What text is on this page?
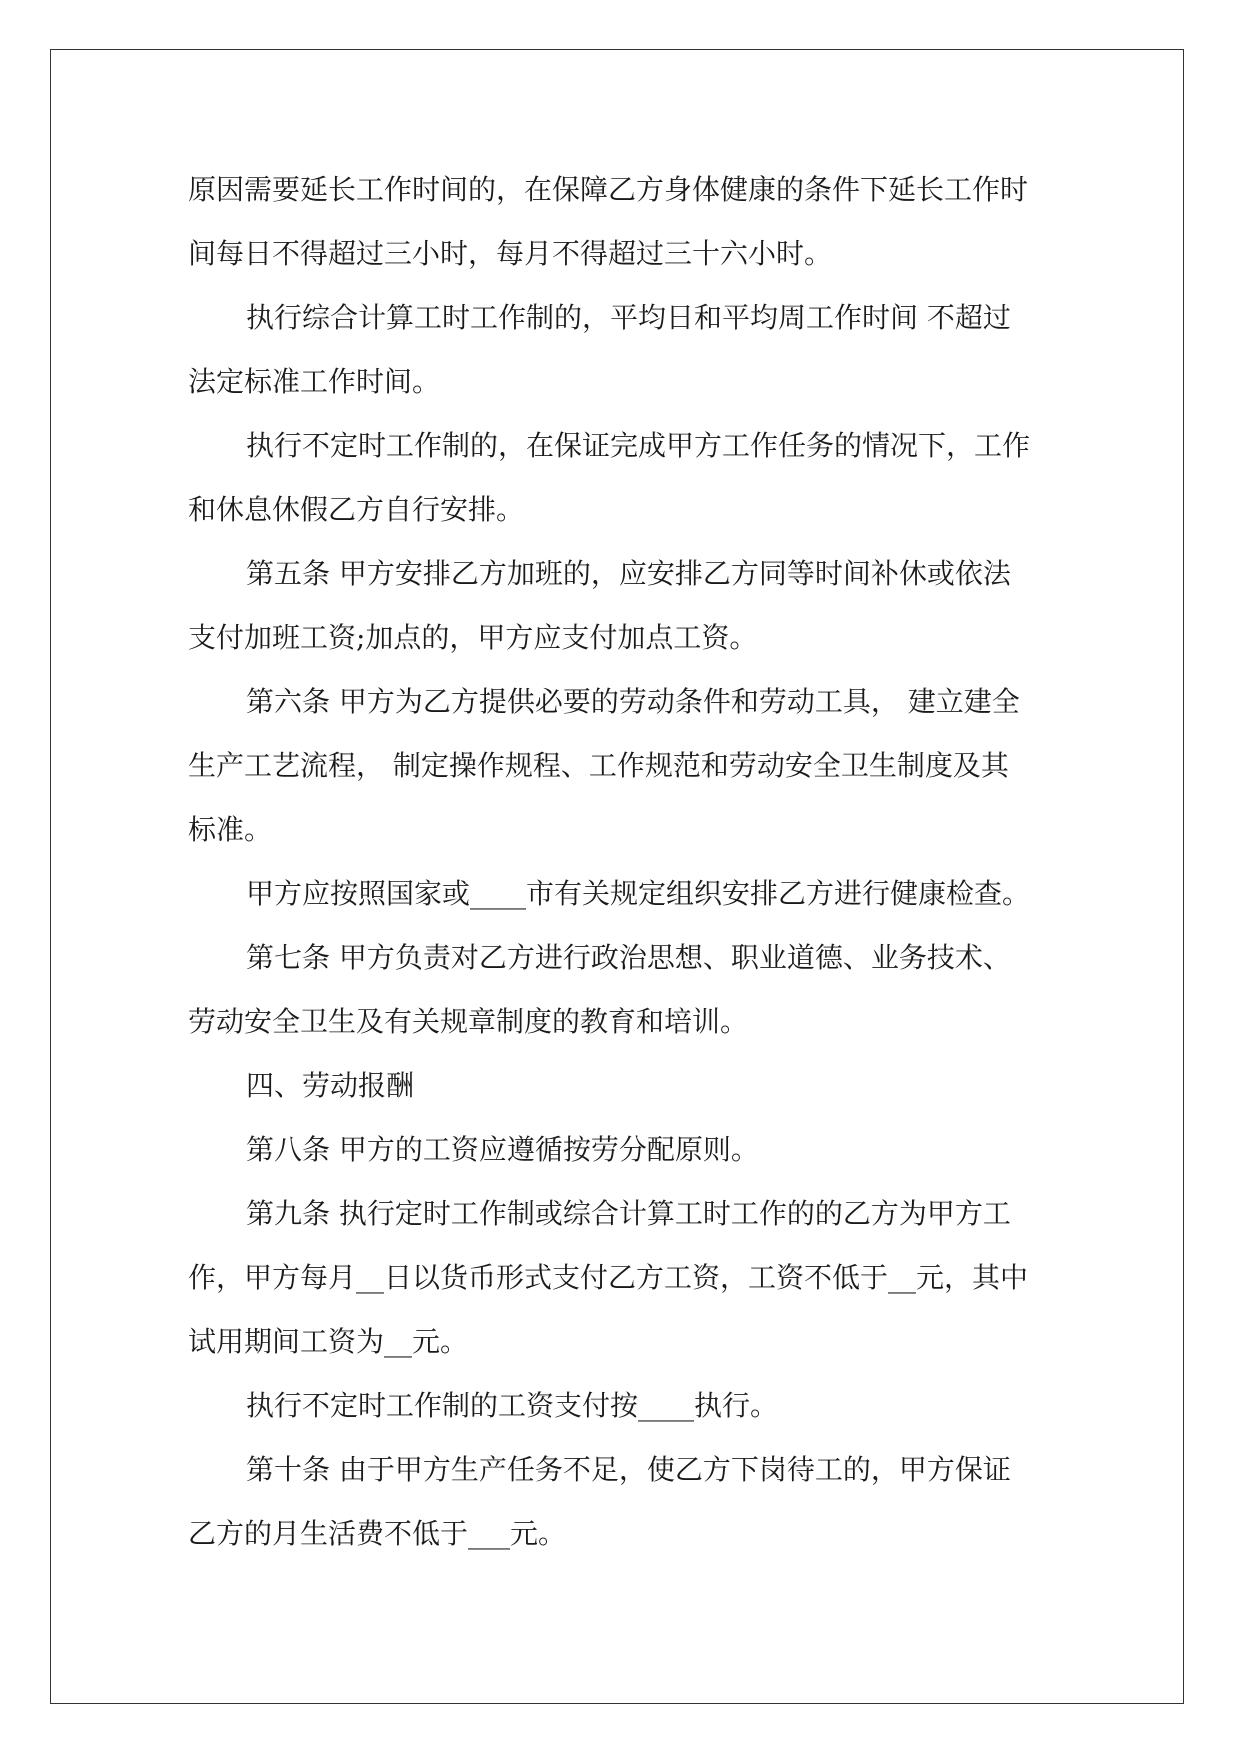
原因需要延长工作时间的，在保障乙方身体健康的条件下延长工作时
间每日不得超过三小时，每月不得超过三十六小时。
执行综合计算工时工作制的，平均日和平均周工作时间 不超过
法定标准工作时间。
执行不定时工作制的，在保证完成甲方工作任务的情况下，工作
和休息休假乙方自行安排。
第五条 甲方安排乙方加班的，应安排乙方同等时间补休或依法
支付加班工资;加点的，甲方应支付加点工资。
第六条 甲方为乙方提供必要的劳动条件和劳动工具， 建立建全
生产工艺流程， 制定操作规程、工作规范和劳动安全卫生制度及其
标准。
甲方应按照国家或____市有关规定组织安排乙方进行健康检查。
第七条 甲方负责对乙方进行政治思想、职业道德、业务技术、
劳动安全卫生及有关规章制度的教育和培训。
四、劳动报酬
第八条 甲方的工资应遵循按劳分配原则。
第九条 执行定时工作制或综合计算工时工作的的乙方为甲方工
作，甲方每月__日以货币形式支付乙方工资，工资不低于__元，其中
试用期间工资为__元。
执行不定时工作制的工资支付按____执行。
第十条 由于甲方生产任务不足，使乙方下岗待工的，甲方保证
乙方的月生活费不低于___元。
